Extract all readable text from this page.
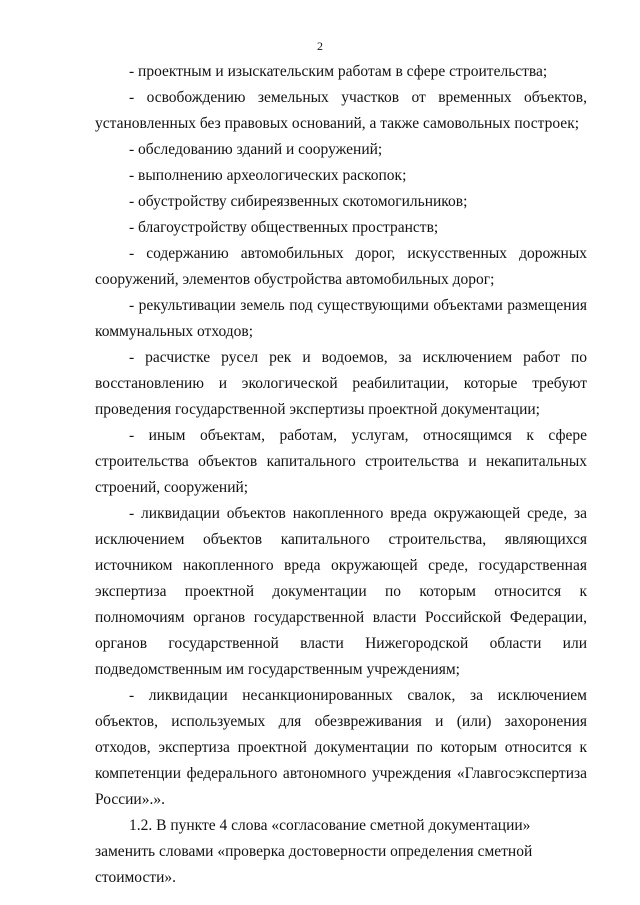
2

- проектным и изыскательским работам в сфере строительства;

- освобождению земельных участков от временных объектов, установленных без правовых оснований, а также самовольных построек;

- обследованию зданий и сооружений;

- выполнению археологических раскопок;

- обустройству сибиреязвенных скотомогильников;

- благоустройству общественных пространств;

- содержанию автомобильных дорог, искусственных дорожных сооружений, элементов обустройства автомобильных дорог;

- рекультивации земель под существующими объектами размещения коммунальных отходов;

- расчистке русел рек и водоемов, за исключением работ по восстановлению и экологической реабилитации, которые требуют проведения государственной экспертизы проектной документации;

- иным объектам, работам, услугам, относящимся к сфере строительства объектов капитального строительства и некапитальных строений, сооружений;

- ликвидации объектов накопленного вреда окружающей среде, за исключением объектов капитального строительства, являющихся источником накопленного вреда окружающей среде, государственная экспертиза проектной документации по которым относится к полномочиям органов государственной власти Российской Федерации, органов государственной власти Нижегородской области или подведомственным им государственным учреждениям;

- ликвидации несанкционированных свалок, за исключением объектов, используемых для обезвреживания и (или) захоронения отходов, экспертиза проектной документации по которым относится к компетенции федерального автономного учреждения «Главгосэкспертиза России».».

1.2. В пункте 4 слова «согласование сметной документации» заменить словами «проверка достоверности определения сметной стоимости».
